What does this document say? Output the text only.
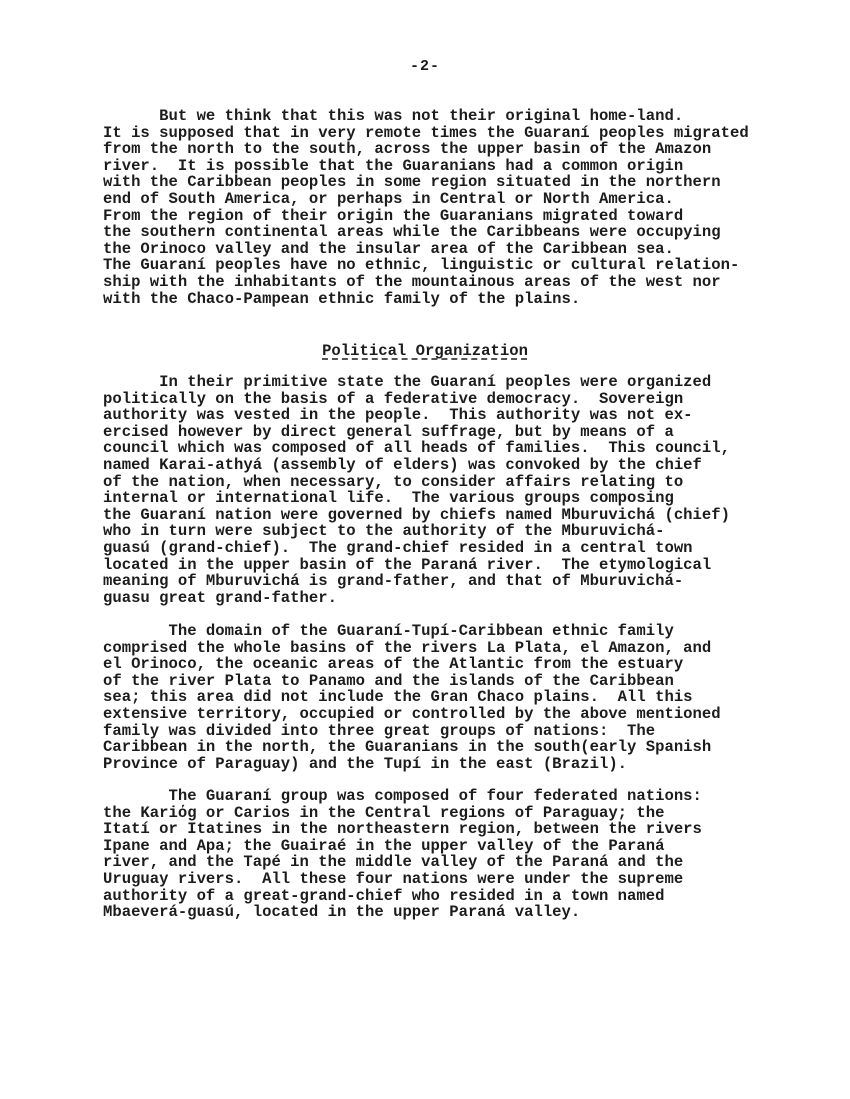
-2-
But we think that this was not their original home-land.
It is supposed that in very remote times the Guaraní peoples migrated
from the north to the south, across the upper basin of the Amazon
river.  It is possible that the Guaranians had a common origin
with the Caribbean peoples in some region situated in the northern
end of South America, or perhaps in Central or North America.
From the region of their origin the Guaranians migrated toward
the southern continental areas while the Caribbeans were occupying
the Orinoco valley and the insular area of the Caribbean sea.
The Guaraní peoples have no ethnic, linguistic or cultural relation-
ship with the inhabitants of the mountainous areas of the west nor
with the Chaco-Pampean ethnic family of the plains.
Political Organization
In their primitive state the Guaraní peoples were organized
politically on the basis of a federative democracy.  Sovereign
authority was vested in the people.  This authority was not ex-
ercised however by direct general suffrage, but by means of a
council which was composed of all heads of families.  This council,
named Karai-athyá (assembly of elders) was convoked by the chief
of the nation, when necessary, to consider affairs relating to
internal or international life.  The various groups composing
the Guaraní nation were governed by chiefs named Mburuvichá (chief)
who in turn were subject to the authority of the Mburuvichá-
guasú (grand-chief).  The grand-chief resided in a central town
located in the upper basin of the Paraná river.  The etymological
meaning of Mburuvichá is grand-father, and that of Mburuvichá-
guasu great grand-father.
The domain of the Guaraní-Tupí-Caribbean ethnic family
comprised the whole basins of the rivers La Plata, el Amazon, and
el Orinoco, the oceanic areas of the Atlantic from the estuary
of the river Plata to Panamo and the islands of the Caribbean
sea; this area did not include the Gran Chaco plains.  All this
extensive territory, occupied or controlled by the above mentioned
family was divided into three great groups of nations:  The
Caribbean in the north, the Guaranians in the south(early Spanish
Province of Paraguay) and the Tupí in the east (Brazil).
The Guaraní group was composed of four federated nations:
the Kariόg or Carios in the Central regions of Paraguay; the
Itatí or Itatines in the northeastern region, between the rivers
Ipane and Apa; the Guairaé in the upper valley of the Paraná
river, and the Tapé in the middle valley of the Paraná and the
Uruguay rivers.  All these four nations were under the supreme
authority of a great-grand-chief who resided in a town named
Mbaeverá-guasú, located in the upper Paraná valley.
